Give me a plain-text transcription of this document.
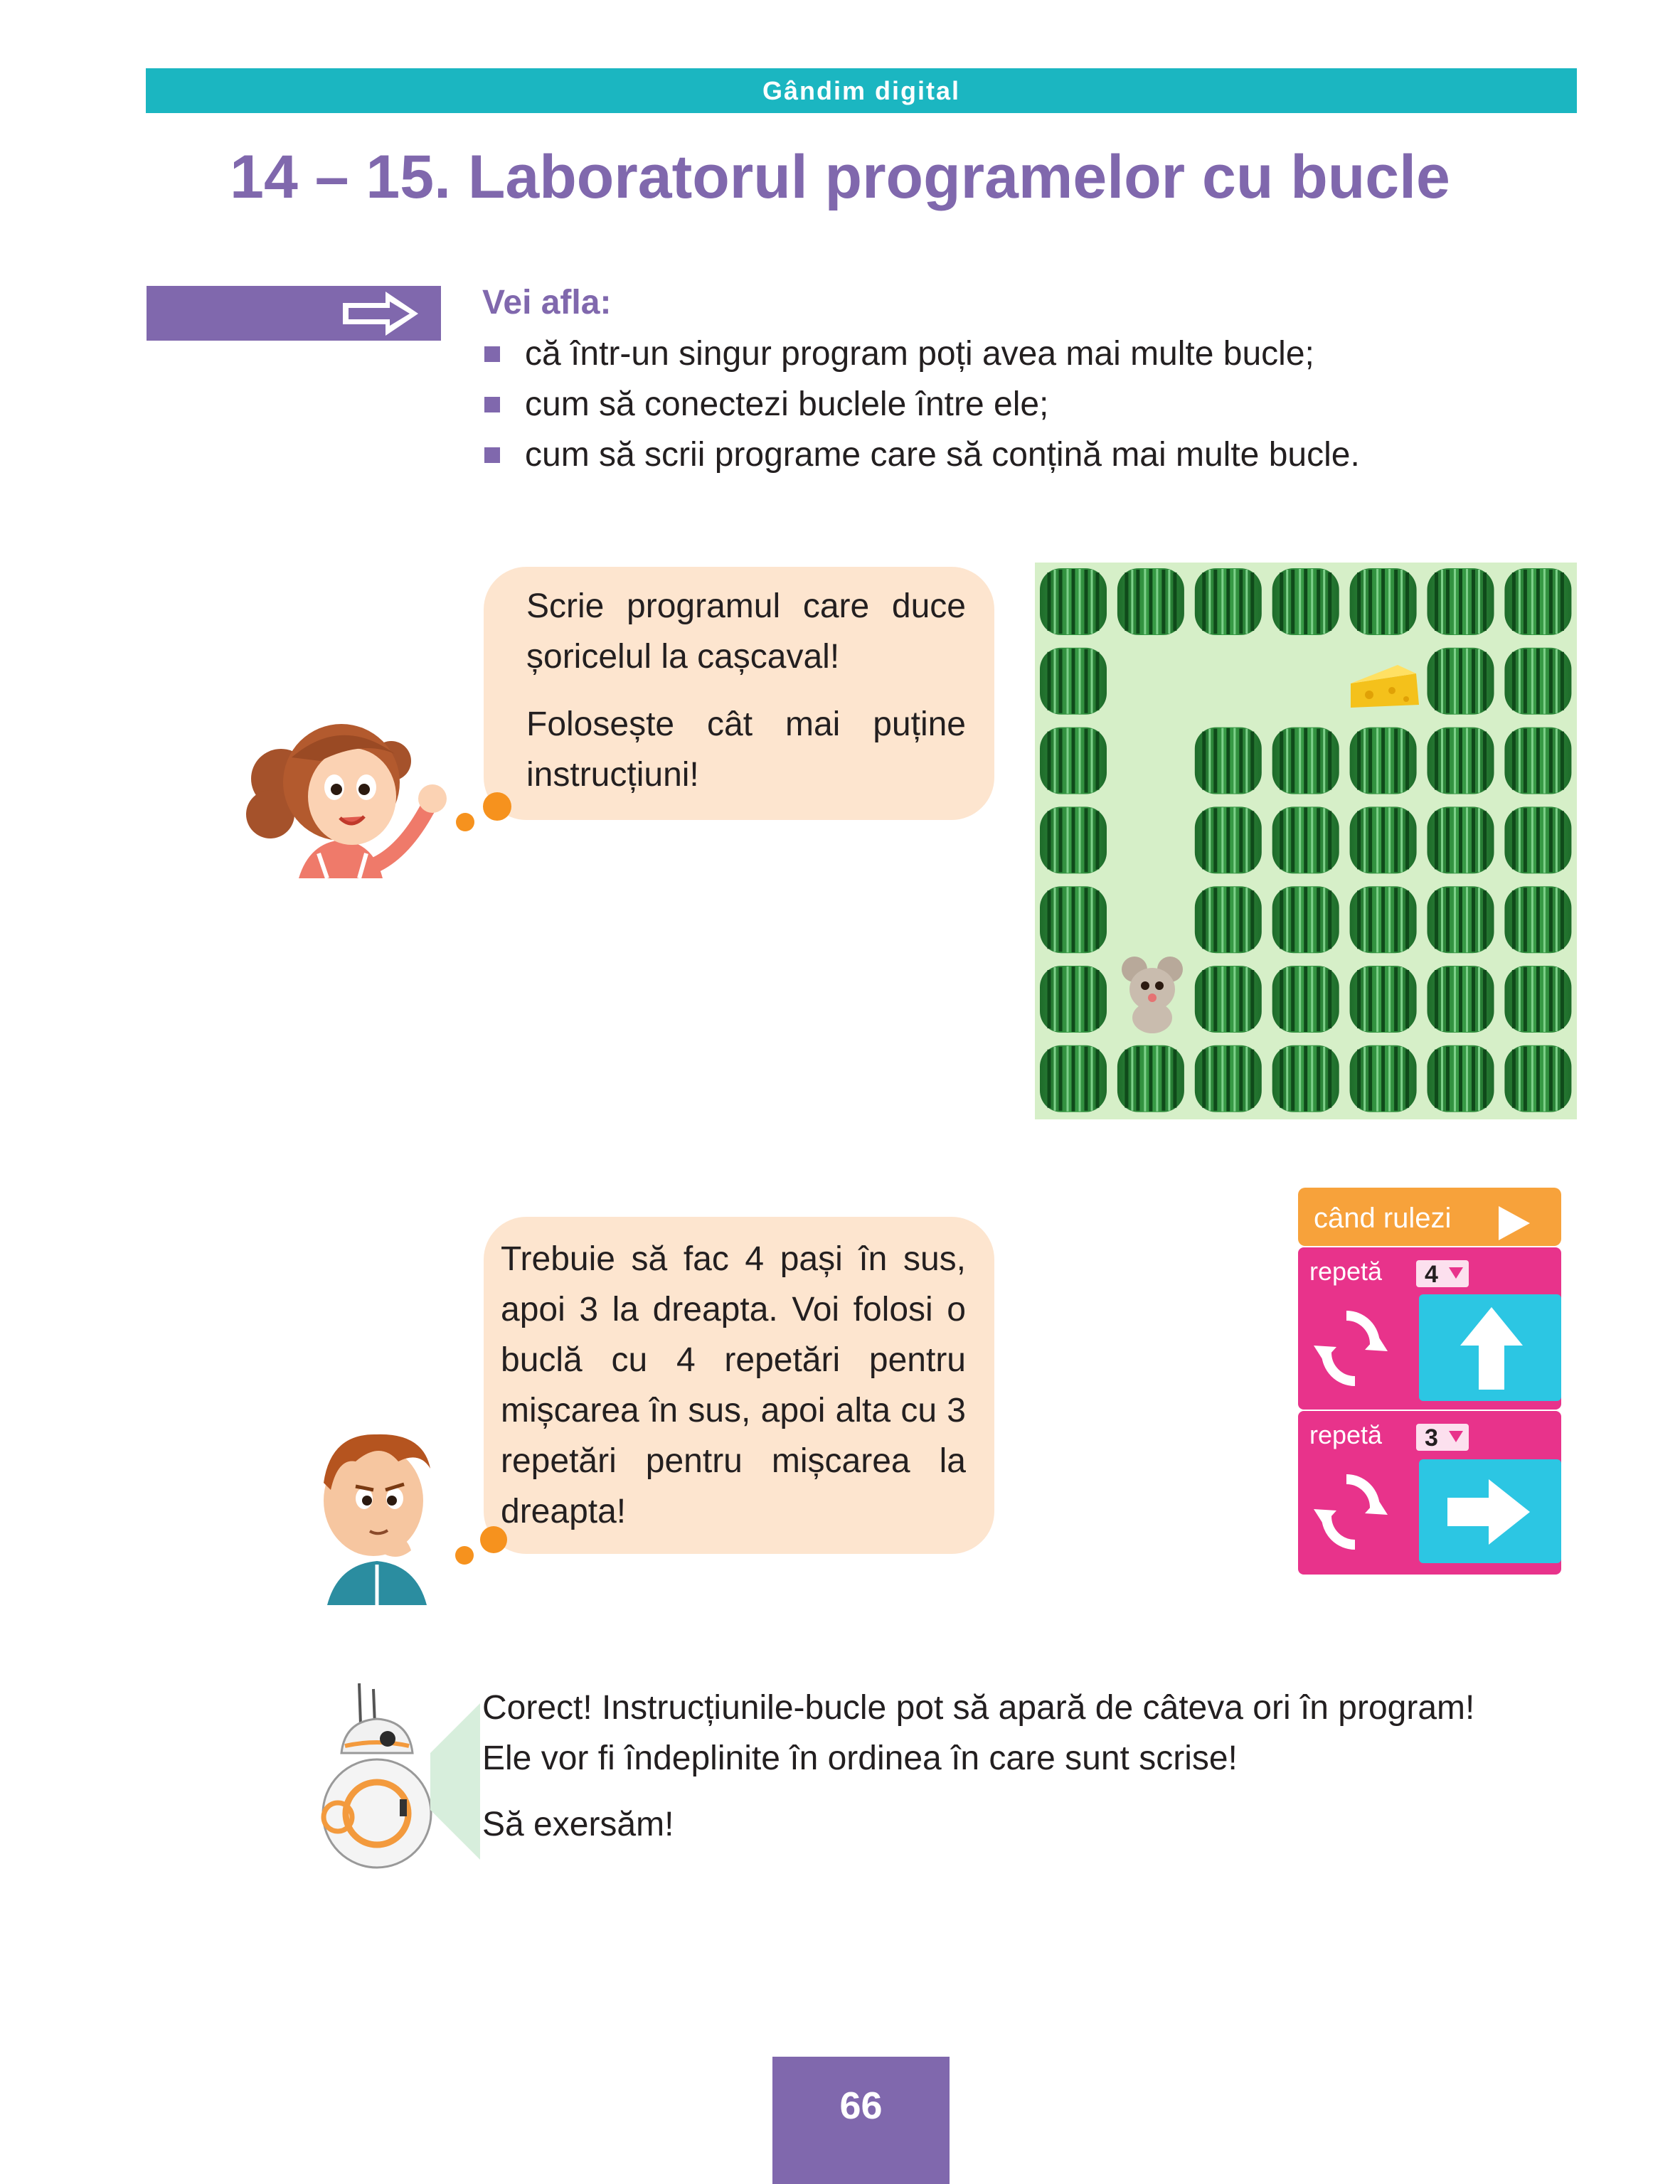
Gândim digital
14 – 15. Laboratorul programelor cu bucle
Vei afla:
că într-un singur program poți avea mai multe bucle;
cum să conectezi buclele între ele;
cum să scrii programe care să conțină mai multe bucle.

Scrie programul care duce șoricelul la cașcaval!

Folosește cât mai puține instrucțiuni!

Trebuie să fac 4 pași în sus, apoi 3 la dreapta. Voi folosi o buclă cu 4 repetări pentru mișcarea în sus, apoi alta cu 3 repetări pentru mișcarea la dreapta!
când rulezi
repetă 4
repetă 3

Corect! Instrucțiunile-bucle pot să apară de câteva ori în program!

Ele vor fi îndeplinite în ordinea în care sunt scrise!

Să exersăm!

66
